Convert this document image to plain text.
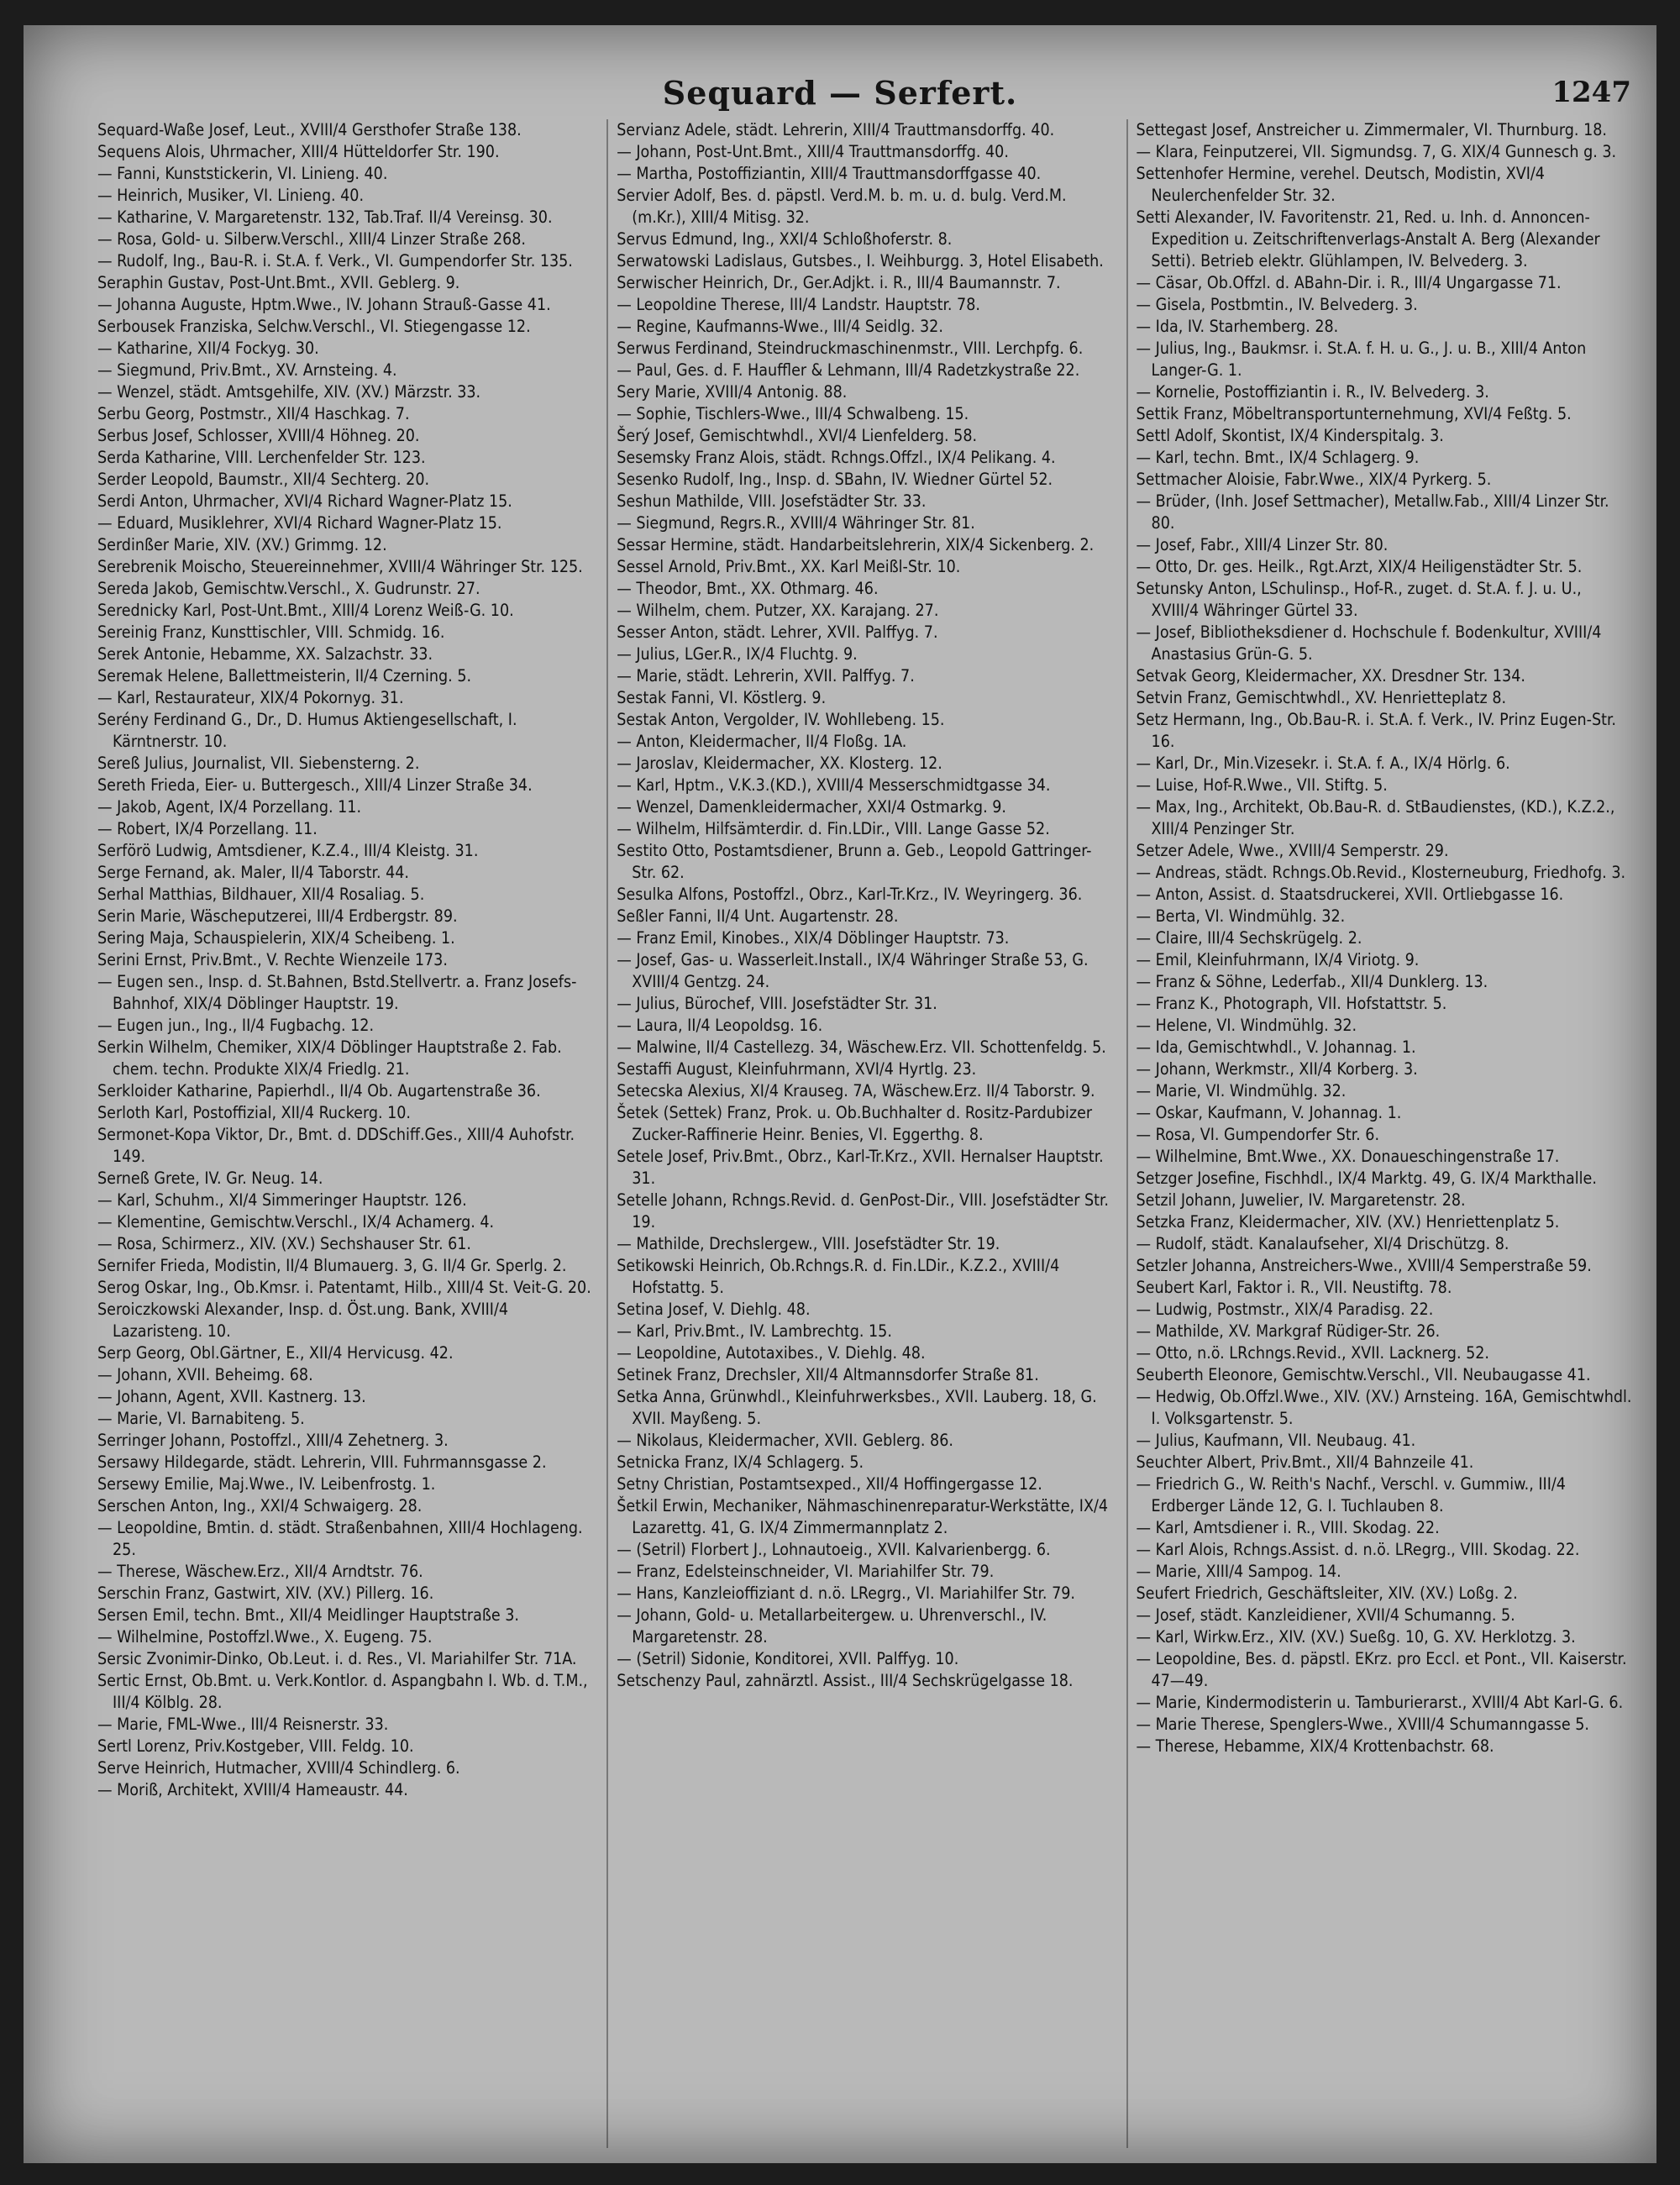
Sequard — Serfert.	1247
Sequard-Waße Josef, Leut., XVIII/4 Gersthofer Straße 138.
Sequens Alois, Uhrmacher, XIII/4 Hütteldorfer Str. 190.
— Fanni, Kunststickerin, VI. Linieng. 40.
— Heinrich, Musiker, VI. Linieng. 40.
— Katharine, V. Margaretenstr. 132, Tab.Traf. II/4 Vereinsg. 30.
— Rosa, Gold- u. Silberw.Verschl., XIII/4 Linzer Straße 268.
— Rudolf, Ing., Bau-R. i. St.A. f. Verk., VI. Gumpendorfer Str. 135.
Seraphin Gustav, Post-Unt.Bmt., XVII. Geblerg. 9.
— Johanna Auguste, Hptm.Wwe., IV. Johann Strauß-Gasse 41.
Serbousek Franziska, Selchw.Verschl., VI. Stiegengasse 12.
— Katharine, XII/4 Fockyg. 30.
— Siegmund, Priv.Bmt., XV. Arnsteing. 4.
— Wenzel, städt. Amtsgehilfe, XIV. (XV.) Märzstr. 33.
Serbu Georg, Postmstr., XII/4 Haschkag. 7.
Serbus Josef, Schlosser, XVIII/4 Höhneg. 20.
Serda Katharine, VIII. Lerchenfelder Str. 123.
Serder Leopold, Baumstr., XII/4 Sechterg. 20.
Serdi Anton, Uhrmacher, XVI/4 Richard Wagner-Platz 15.
— Eduard, Musiklehrer, XVI/4 Richard Wagner-Platz 15.
Serdinßer Marie, XIV. (XV.) Grimmg. 12.
Serebrenik Moischo, Steuereinnehmer, XVIII/4 Währinger Str. 125.
Sereda Jakob, Gemischtw.Verschl., X. Gudrunstr. 27.
Serednicky Karl, Post-Unt.Bmt., XIII/4 Lorenz Weiß-G. 10.
Sereinig Franz, Kunsttischler, VIII. Schmidg. 16.
Serek Antonie, Hebamme, XX. Salzachstr. 33.
Seremak Helene, Ballettmeisterin, II/4 Czerning. 5.
— Karl, Restaurateur, XIX/4 Pokornyg. 31.
Serény Ferdinand G., Dr., D. Humus Aktiengesellschaft, I. Kärntnerstr. 10.
Sereß Julius, Journalist, VII. Siebensterng. 2.
Sereth Frieda, Eier- u. Buttergesch., XIII/4 Linzer Straße 34.
— Jakob, Agent, IX/4 Porzellang. 11.
— Robert, IX/4 Porzellang. 11.
Serförö Ludwig, Amtsdiener, K.Z.4., III/4 Kleistg. 31.
Serge Fernand, ak. Maler, II/4 Taborstr. 44.
Serhal Matthias, Bildhauer, XII/4 Rosaliag. 5.
Serin Marie, Wäscheputzerei, III/4 Erdbergstr. 89.
Sering Maja, Schauspielerin, XIX/4 Scheibeng. 1.
Serini Ernst, Priv.Bmt., V. Rechte Wienzeile 173.
— Eugen sen., Insp. d. St.Bahnen, Bstd.Stellvertr. a. Franz Josefs-Bahnhof, XIX/4 Döblinger Hauptstr. 19.
— Eugen jun., Ing., II/4 Fugbachg. 12.
Serkin Wilhelm, Chemiker, XIX/4 Döblinger Hauptstraße 2. Fab. chem. techn. Produkte XIX/4 Friedlg. 21.
Serkloider Katharine, Papierhdl., II/4 Ob. Augartenstraße 36.
Serloth Karl, Postoffizial, XII/4 Ruckerg. 10.
Sermonet-Kopa Viktor, Dr., Bmt. d. DDSchiff.Ges., XIII/4 Auhofstr. 149.
Serneß Grete, IV. Gr. Neug. 14.
— Karl, Schuhm., XI/4 Simmeringer Hauptstr. 126.
— Klementine, Gemischtw.Verschl., IX/4 Achamerg. 4.
— Rosa, Schirmerz., XIV. (XV.) Sechshauser Str. 61.
Sernifer Frieda, Modistin, II/4 Blumauerg. 3, G. II/4 Gr. Sperlg. 2.
Serog Oskar, Ing., Ob.Kmsr. i. Patentamt, Hilb., XIII/4 St. Veit-G. 20.
Seroiczkowski Alexander, Insp. d. Öst.ung. Bank, XVIII/4 Lazaristeng. 10.
Serp Georg, Obl.Gärtner, E., XII/4 Hervicusg. 42.
— Johann, XVII. Beheimg. 68.
— Johann, Agent, XVII. Kastnerg. 13.
— Marie, VI. Barnabiteng. 5.
Serringer Johann, Postoffzl., XIII/4 Zehetnerg. 3.
Sersawy Hildegarde, städt. Lehrerin, VIII. Fuhrmannsgasse 2.
Sersewy Emilie, Maj.Wwe., IV. Leibenfrostg. 1.
Serschen Anton, Ing., XXI/4 Schwaigerg. 28.
— Leopoldine, Bmtin. d. städt. Straßenbahnen, XIII/4 Hochlageng. 25.
— Therese, Wäschew.Erz., XII/4 Arndtstr. 76.
Serschin Franz, Gastwirt, XIV. (XV.) Pillerg. 16.
Sersen Emil, techn. Bmt., XII/4 Meidlinger Hauptstraße 3.
— Wilhelmine, Postoffzl.Wwe., X. Eugeng. 75.
Sersic Zvonimir-Dinko, Ob.Leut. i. d. Res., VI. Mariahilfer Str. 71A.
Sertic Ernst, Ob.Bmt. u. Verk.Kontlor. d. Aspangbahn I. Wb. d. T.M., III/4 Kölblg. 28.
— Marie, FML-Wwe., III/4 Reisnerstr. 33.
Sertl Lorenz, Priv.Kostgeber, VIII. Feldg. 10.
Serve Heinrich, Hutmacher, XVIII/4 Schindlerg. 6.
— Moriß, Architekt, XVIII/4 Hameaustr. 44.
Servianz Adele, städt. Lehrerin, XIII/4 Trauttmansdorffg. 40.
— Johann, Post-Unt.Bmt., XIII/4 Trauttmansdorffg. 40.
— Martha, Postoffiziantin, XIII/4 Trauttmansdorffgasse 40.
Servier Adolf, Bes. d. päpstl. Verd.M. b. m. u. d. bulg. Verd.M. (m.Kr.), XIII/4 Mitisg. 32.
Servus Edmund, Ing., XXI/4 Schloßhoferstr. 8.
Serwatowski Ladislaus, Gutsbes., I. Weihburgg. 3, Hotel Elisabeth.
Serwischer Heinrich, Dr., Ger.Adjkt. i. R., III/4 Baumannstr. 7.
— Leopoldine Therese, III/4 Landstr. Hauptstr. 78.
— Regine, Kaufmanns-Wwe., III/4 Seidlg. 32.
Serwus Ferdinand, Steindruckmaschinenmstr., VIII. Lerchpfg. 6.
— Paul, Ges. d. F. Hauffler & Lehmann, III/4 Radetzkystraße 22.
Sery Marie, XVIII/4 Antonig. 88.
— Sophie, Tischlers-Wwe., III/4 Schwalbeng. 15.
Šerý Josef, Gemischtwhdl., XVI/4 Lienfelderg. 58.
Sesemsky Franz Alois, städt. Rchngs.Offzl., IX/4 Pelikang. 4.
Sesenko Rudolf, Ing., Insp. d. SBahn, IV. Wiedner Gürtel 52.
Seshun Mathilde, VIII. Josefstädter Str. 33.
— Siegmund, Regrs.R., XVIII/4 Währinger Str. 81.
Sessar Hermine, städt. Handarbeitslehrerin, XIX/4 Sickenberg. 2.
Sessel Arnold, Priv.Bmt., XX. Karl Meißl-Str. 10.
— Theodor, Bmt., XX. Othmarg. 46.
— Wilhelm, chem. Putzer, XX. Karajang. 27.
Sesser Anton, städt. Lehrer, XVII. Palffyg. 7.
— Julius, LGer.R., IX/4 Fluchtg. 9.
— Marie, städt. Lehrerin, XVII. Palffyg. 7.
Sestak Fanni, VI. Köstlerg. 9.
Sestak Anton, Vergolder, IV. Wohllebeng. 15.
— Anton, Kleidermacher, II/4 Floßg. 1A.
— Jaroslav, Kleidermacher, XX. Klosterg. 12.
— Karl, Hptm., V.K.3.(KD.), XVIII/4 Messerschmidtgasse 34.
— Wenzel, Damenkleidermacher, XXI/4 Ostmarkg. 9.
— Wilhelm, Hilfsämterdir. d. Fin.LDir., VIII. Lange Gasse 52.
Sestito Otto, Postamtsdiener, Brunn a. Geb., Leopold Gattringer-Str. 62.
Sesulka Alfons, Postoffzl., Obrz., Karl-Tr.Krz., IV. Weyringerg. 36.
Seßler Fanni, II/4 Unt. Augartenstr. 28.
— Franz Emil, Kinobes., XIX/4 Döblinger Hauptstr. 73.
— Josef, Gas- u. Wasserleit.Install., IX/4 Währinger Straße 53, G. XVIII/4 Gentzg. 24.
— Julius, Bürochef, VIII. Josefstädter Str. 31.
— Laura, II/4 Leopoldsg. 16.
— Malwine, II/4 Castellezg. 34, Wäschew.Erz. VII. Schottenfeldg. 5.
Sestaffi August, Kleinfuhrmann, XVI/4 Hyrtlg. 23.
Setecska Alexius, XI/4 Krauseg. 7A, Wäschew.Erz. II/4 Taborstr. 9.
Šetek (Settek) Franz, Prok. u. Ob.Buchhalter d. Rositz-Pardubizer Zucker-Raffinerie Heinr. Benies, VI. Eggerthg. 8.
Setele Josef, Priv.Bmt., Obrz., Karl-Tr.Krz., XVII. Hernalser Hauptstr. 31.
Setelle Johann, Rchngs.Revid. d. GenPost-Dir., VIII. Josefstädter Str. 19.
— Mathilde, Drechslergew., VIII. Josefstädter Str. 19.
Setikowski Heinrich, Ob.Rchngs.R. d. Fin.LDir., K.Z.2., XVIII/4 Hofstattg. 5.
Setina Josef, V. Diehlg. 48.
— Karl, Priv.Bmt., IV. Lambrechtg. 15.
— Leopoldine, Autotaxibes., V. Diehlg. 48.
Setinek Franz, Drechsler, XII/4 Altmannsdorfer Straße 81.
Setka Anna, Grünwhdl., Kleinfuhrwerksbes., XVII. Lauberg. 18, G. XVII. Mayßeng. 5.
— Nikolaus, Kleidermacher, XVII. Geblerg. 86.
Setnicka Franz, IX/4 Schlagerg. 5.
Setny Christian, Postamtsexped., XII/4 Hoffingergasse 12.
Šetkil Erwin, Mechaniker, Nähmaschinenreparatur-Werkstätte, IX/4 Lazarettg. 41, G. IX/4 Zimmermannplatz 2.
— (Setril) Florbert J., Lohnautoeig., XVII. Kalvarienbergg. 6.
— Franz, Edelsteinschneider, VI. Mariahilfer Str. 79.
— Hans, Kanzleioffiziant d. n.ö. LRegrg., VI. Mariahilfer Str. 79.
— Johann, Gold- u. Metallarbeitergew. u. Uhrenverschl., IV. Margaretenstr. 28.
— (Setril) Sidonie, Konditorei, XVII. Palffyg. 10.
Setschenzy Paul, zahnärztl. Assist., III/4 Sechskrügelgasse 18.
Settegast Josef, Anstreicher u. Zimmermaler, VI. Thurnburg. 18.
— Klara, Feinputzerei, VII. Sigmundsg. 7, G. XIX/4 Gunnesch g. 3.
Settenhofer Hermine, verehel. Deutsch, Modistin, XVI/4 Neulerchenfelder Str. 32.
Setti Alexander, IV. Favoritenstr. 21, Red. u. Inh. d. Annoncen-Expedition u. Zeitschriftenverlags-Anstalt A. Berg (Alexander Setti). Betrieb elektr. Glühlampen, IV. Belvederg. 3.
— Cäsar, Ob.Offzl. d. ABahn-Dir. i. R., III/4 Ungargasse 71.
— Gisela, Postbmtin., IV. Belvederg. 3.
— Ida, IV. Starhemberg. 28.
— Julius, Ing., Baukmsr. i. St.A. f. H. u. G., J. u. B., XIII/4 Anton Langer-G. 1.
— Kornelie, Postoffiziantin i. R., IV. Belvederg. 3.
Settik Franz, Möbeltransportunternehmung, XVI/4 Feßtg. 5.
Settl Adolf, Skontist, IX/4 Kinderspitalg. 3.
— Karl, techn. Bmt., IX/4 Schlagerg. 9.
Settmacher Aloisie, Fabr.Wwe., XIX/4 Pyrkerg. 5.
— Brüder, (Inh. Josef Settmacher), Metallw.Fab., XIII/4 Linzer Str. 80.
— Josef, Fabr., XIII/4 Linzer Str. 80.
— Otto, Dr. ges. Heilk., Rgt.Arzt, XIX/4 Heiligenstädter Str. 5.
Setunsky Anton, LSchulinsp., Hof-R., zuget. d. St.A. f. J. u. U., XVIII/4 Währinger Gürtel 33.
— Josef, Bibliotheksdiener d. Hochschule f. Bodenkultur, XVIII/4 Anastasius Grün-G. 5.
Setvak Georg, Kleidermacher, XX. Dresdner Str. 134.
Setvin Franz, Gemischtwhdl., XV. Henrietteplatz 8.
Setz Hermann, Ing., Ob.Bau-R. i. St.A. f. Verk., IV. Prinz Eugen-Str. 16.
— Karl, Dr., Min.Vizesekr. i. St.A. f. A., IX/4 Hörlg. 6.
— Luise, Hof-R.Wwe., VII. Stiftg. 5.
— Max, Ing., Architekt, Ob.Bau-R. d. StBaudienstes, (KD.), K.Z.2., XIII/4 Penzinger Str.
Setzer Adele, Wwe., XVIII/4 Semperstr. 29.
— Andreas, städt. Rchngs.Ob.Revid., Klosterneuburg, Friedhofg. 3.
— Anton, Assist. d. Staatsdruckerei, XVII. Ortliebgasse 16.
— Berta, VI. Windmühlg. 32.
— Claire, III/4 Sechskrügelg. 2.
— Emil, Kleinfuhrmann, IX/4 Viriotg. 9.
— Franz & Söhne, Lederfab., XII/4 Dunklerg. 13.
— Franz K., Photograph, VII. Hofstattstr. 5.
— Helene, VI. Windmühlg. 32.
— Ida, Gemischtwhdl., V. Johannag. 1.
— Johann, Werkmstr., XII/4 Korberg. 3.
— Marie, VI. Windmühlg. 32.
— Oskar, Kaufmann, V. Johannag. 1.
— Rosa, VI. Gumpendorfer Str. 6.
— Wilhelmine, Bmt.Wwe., XX. Donaueschingenstraße 17.
Setzger Josefine, Fischhdl., IX/4 Marktg. 49, G. IX/4 Markthalle.
Setzil Johann, Juwelier, IV. Margaretenstr. 28.
Setzka Franz, Kleidermacher, XIV. (XV.) Henriettenplatz 5.
— Rudolf, städt. Kanalaufseher, XI/4 Drischützg. 8.
Setzler Johanna, Anstreichers-Wwe., XVIII/4 Semperstraße 59.
Seubert Karl, Faktor i. R., VII. Neustiftg. 78.
— Ludwig, Postmstr., XIX/4 Paradisg. 22.
— Mathilde, XV. Markgraf Rüdiger-Str. 26.
— Otto, n.ö. LRchngs.Revid., XVII. Lacknerg. 52.
Seuberth Eleonore, Gemischtw.Verschl., VII. Neubaugasse 41.
— Hedwig, Ob.Offzl.Wwe., XIV. (XV.) Arnsteing. 16A, Gemischtwhdl. I. Volksgartenstr. 5.
— Julius, Kaufmann, VII. Neubaug. 41.
Seuchter Albert, Priv.Bmt., XII/4 Bahnzeile 41.
— Friedrich G., W. Reith's Nachf., Verschl. v. Gummiw., III/4 Erdberger Lände 12, G. I. Tuchlauben 8.
— Karl, Amtsdiener i. R., VIII. Skodag. 22.
— Karl Alois, Rchngs.Assist. d. n.ö. LRegrg., VIII. Skodag. 22.
— Marie, XIII/4 Sampog. 14.
Seufert Friedrich, Geschäftsleiter, XIV. (XV.) Loßg. 2.
— Josef, städt. Kanzleidiener, XVII/4 Schumanng. 5.
— Karl, Wirkw.Erz., XIV. (XV.) Sueßg. 10, G. XV. Herklotzg. 3.
— Leopoldine, Bes. d. päpstl. EKrz. pro Eccl. et Pont., VII. Kaiserstr. 47—49.
— Marie, Kindermodisterin u. Tamburierarst., XVIII/4 Abt Karl-G. 6.
— Marie Therese, Spenglers-Wwe., XVIII/4 Schumanngasse 5.
— Therese, Hebamme, XIX/4 Krottenbachstr. 68.
